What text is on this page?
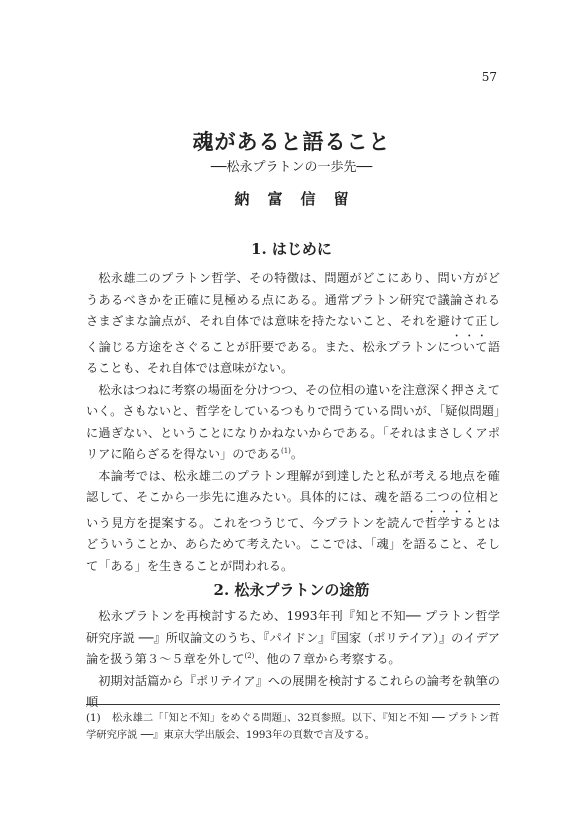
57
魂があると語ること
──松永プラトンの一歩先──
納富信留
1. はじめに

松永雄二のプラトン哲学、その特徴は、問題がどこにあり、問い方がどうあるべきかを正確に見極める点にある。通常プラトン研究で議論されるさまざまな論点が、それ自体では意味を持たないこと、それを避けて正しく論じる方途をさぐることが肝要である。また、松永プラトンについて語ることも、それ自体では意味がない。

松永はつねに考察の場面を分けつつ、その位相の違いを注意深く押さえていく。さもないと、哲学をしているつもりで問うている問いが、「疑似問題」に過ぎない、ということになりかねないからである。「それはまさしくアポリアに陥らざるを得ない」のである$^{(1)}$。

本論考では、松永雄二のプラトン理解が到達したと私が考える地点を確認して、そこから一歩先に進みたい。具体的には、魂を語る二つの位相という見方を提案する。これをつうじて、今プラトンを読んで哲学するとはどういうことか、あらためて考えたい。ここでは、「魂」を語ること、そして「ある」を生きることが問われる。

2. 松永プラトンの途筋

松永プラトンを再検討するため、1993年刊『知と不知── プラトン哲学研究序説 ──』所収論文のうち、『パイドン』『国家（ポリテイア）』のイデア論を扱う第３～５章を外して$^{(2)}$、他の７章から考察する。

初期対話篇から『ポリテイア』への展開を検討するこれらの論考を執筆の順

(1) 松永雄二「「知と不知」をめぐる問題」、32頁参照。以下、『知と不知 ── プラトン哲学研究序説 ──』東京大学出版会、1993年の頁数で言及する。
